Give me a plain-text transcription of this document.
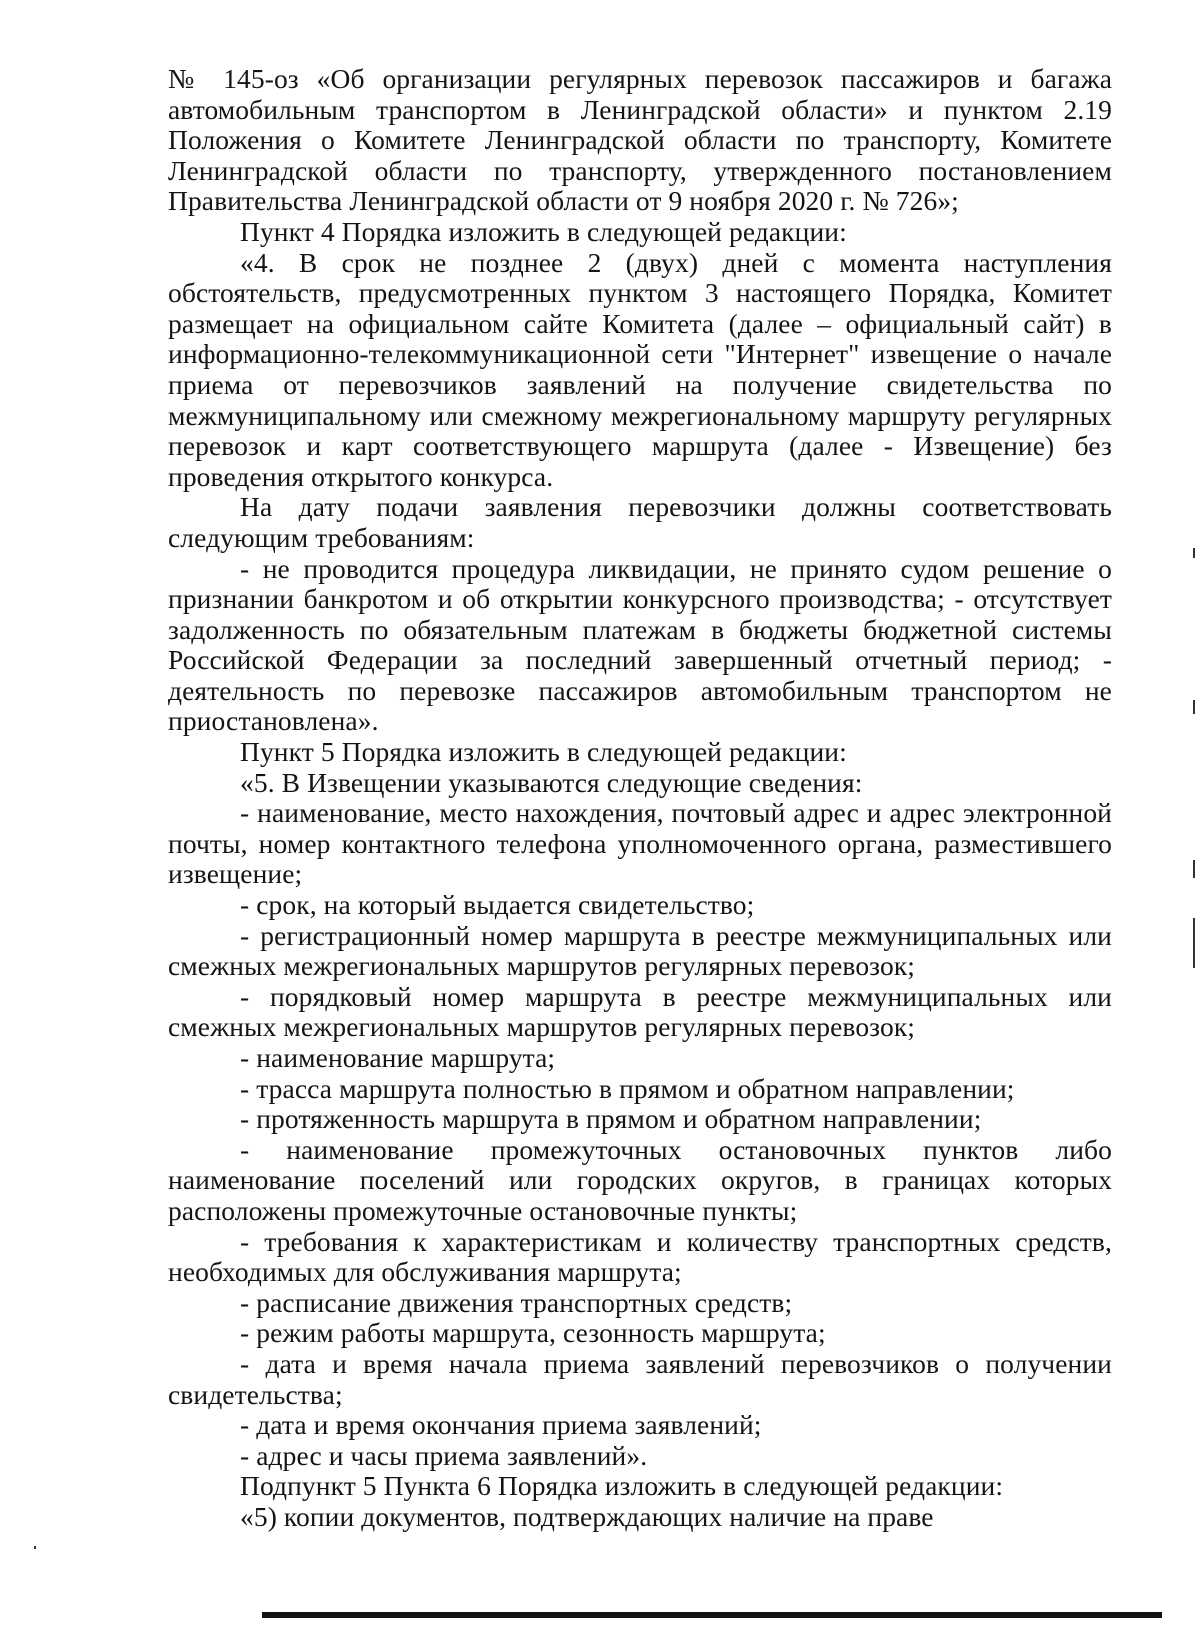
№ 145-оз «Об организации регулярных перевозок пассажиров и багажа автомобильным транспортом в Ленинградской области» и пунктом 2.19 Положения о Комитете Ленинградской области по транспорту, Комитете Ленинградской области по транспорту, утвержденного постановлением Правительства Ленинградской области от 9 ноября 2020 г. № 726»;

Пункт 4 Порядка изложить в следующей редакции:

«4. В срок не позднее 2 (двух) дней с момента наступления обстоятельств, предусмотренных пунктом 3 настоящего Порядка, Комитет размещает на официальном сайте Комитета (далее – официальный сайт) в информационно-телекоммуникационной сети "Интернет" извещение о начале приема от перевозчиков заявлений на получение свидетельства по межмуниципальному или смежному межрегиональному маршруту регулярных перевозок и карт соответствующего маршрута (далее - Извещение) без проведения открытого конкурса.

На дату подачи заявления перевозчики должны соответствовать следующим требованиям:

- не проводится процедура ликвидации, не принято судом решение о признании банкротом и об открытии конкурсного производства; - отсутствует задолженность по обязательным платежам в бюджеты бюджетной системы Российской Федерации за последний завершенный отчетный период; - деятельность по перевозке пассажиров автомобильным транспортом не приостановлена».

Пункт 5 Порядка изложить в следующей редакции:

«5. В Извещении указываются следующие сведения:

- наименование, место нахождения, почтовый адрес и адрес электронной почты, номер контактного телефона уполномоченного органа, разместившего извещение;

- срок, на который выдается свидетельство;

- регистрационный номер маршрута в реестре межмуниципальных или смежных межрегиональных маршрутов регулярных перевозок;

- порядковый номер маршрута в реестре межмуниципальных или смежных межрегиональных маршрутов регулярных перевозок;

- наименование маршрута;

- трасса маршрута полностью в прямом и обратном направлении;

- протяженность маршрута в прямом и обратном направлении;

- наименование промежуточных остановочных пунктов либо наименование поселений или городских округов, в границах которых расположены промежуточные остановочные пункты;

- требования к характеристикам и количеству транспортных средств, необходимых для обслуживания маршрута;

- расписание движения транспортных средств;

- режим работы маршрута, сезонность маршрута;

- дата и время начала приема заявлений перевозчиков о получении свидетельства;

- дата и время окончания приема заявлений;

- адрес и часы приема заявлений».

Подпункт 5 Пункта 6 Порядка изложить в следующей редакции:

«5) копии документов, подтверждающих наличие на праве
